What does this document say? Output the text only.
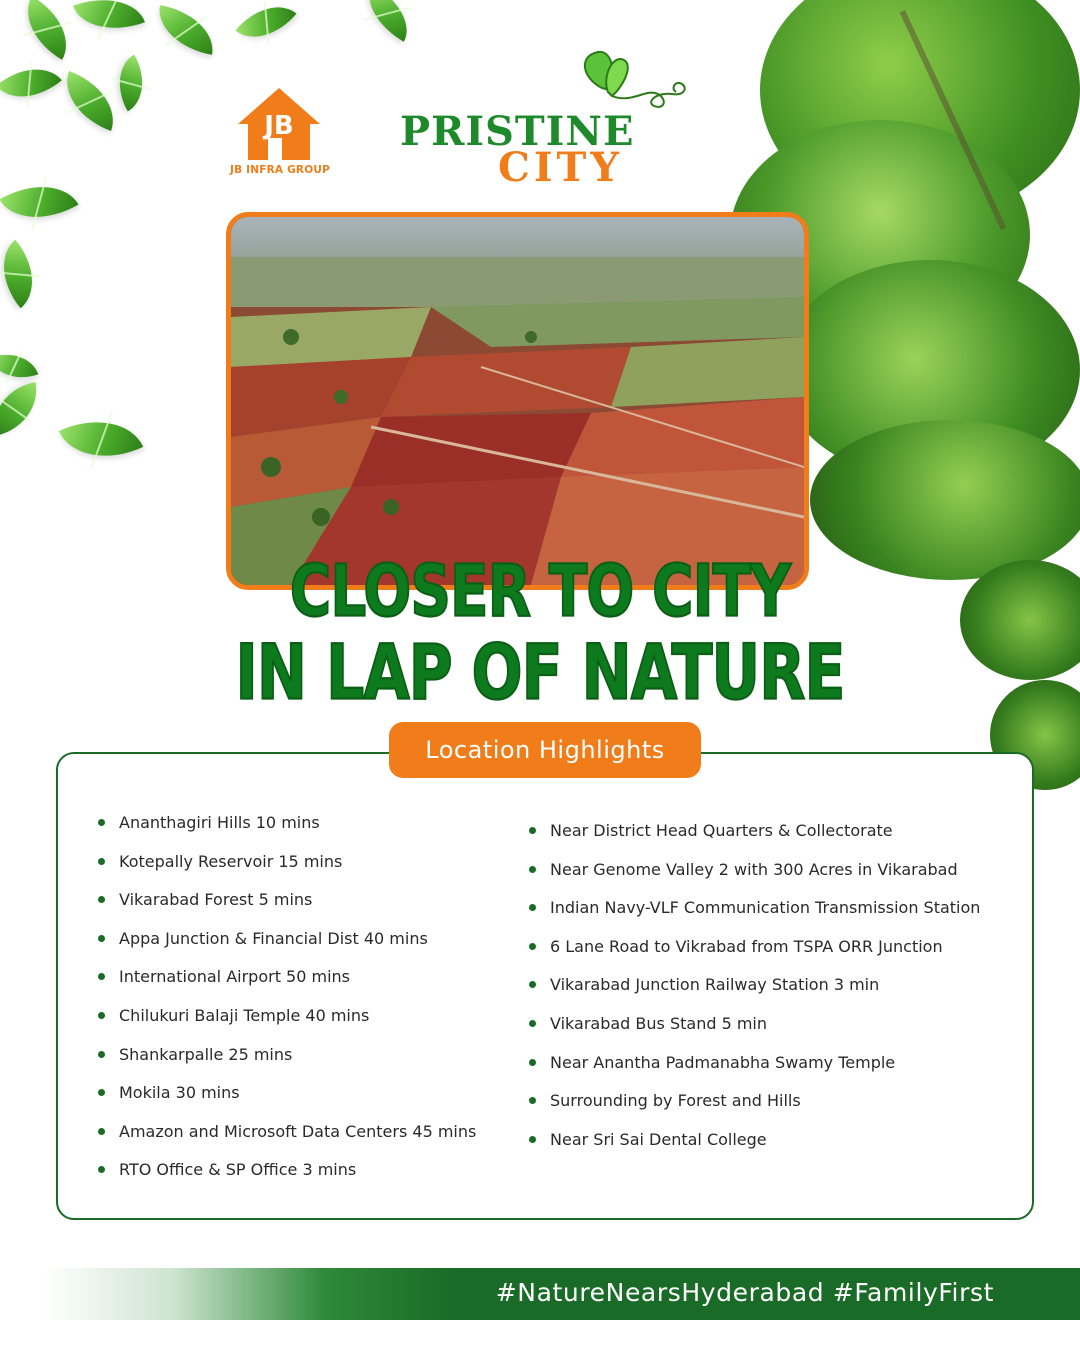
JB
JB INFRA GROUP
PRISTINE
CITY
CLOSER TO CITY
IN LAP OF NATURE
Location Highlights
Ananthagiri Hills 10 mins
Kotepally Reservoir 15 mins
Vikarabad Forest 5 mins
Appa Junction & Financial Dist 40 mins
International Airport 50 mins
Chilukuri Balaji Temple 40 mins
Shankarpalle 25 mins
Mokila 30 mins
Amazon and Microsoft Data Centers 45 mins
RTO Office & SP Office 3 mins
Near District Head Quarters & Collectorate
Near Genome Valley 2 with 300 Acres in Vikarabad
Indian Navy-VLF Communication Transmission Station
6 Lane Road to Vikrabad from TSPA ORR Junction
Vikarabad Junction Railway Station 3 min
Vikarabad Bus Stand 5 min
Near Anantha Padmanabha Swamy Temple
Surrounding by Forest and Hills
Near Sri Sai Dental College
#NatureNearsHyderabad #FamilyFirst
